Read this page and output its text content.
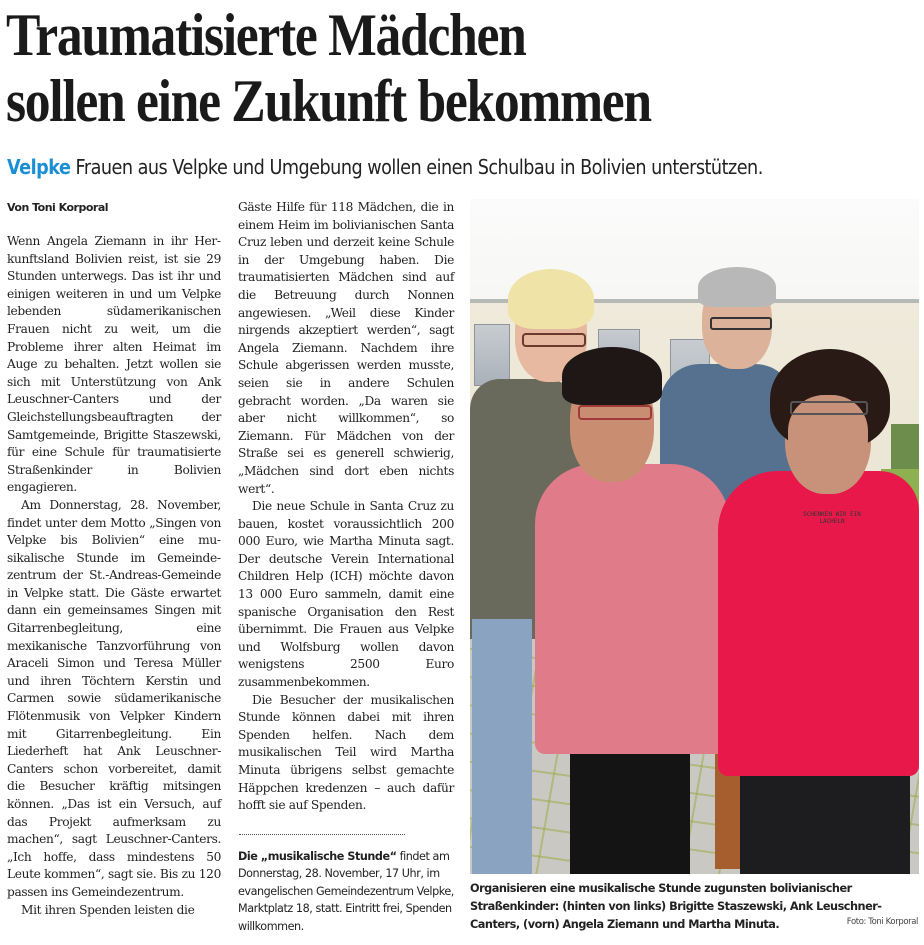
Traumatisierte Mädchen
sollen eine Zukunft bekommen
Velpke Frauen aus Velpke und Umgebung wollen einen Schulbau in Bolivien unterstützen.
Von Toni Korporal

Wenn Angela Ziemann in ihr Herkunftsland Bolivien reist, ist sie 29 Stunden unterwegs. Das ist ihr und einigen weiteren in und um Velpke lebenden südamerikanischen Frauen nicht zu weit, um die Probleme ihrer alten Heimat im Auge zu behalten. Jetzt wollen sie sich mit Unterstützung von Ank Leuschner-Canters und der Gleichstellungsbeauftragten der Samtgemeinde, Brigitte Staszewski, für eine Schule für traumatisierte Straßenkinder in Bolivien engagieren.

Am Donnerstag, 28. November, findet unter dem Motto „Singen von Velpke bis Bolivien“ eine musikalische Stunde im Gemeindezentrum der St.-Andreas-Gemeinde in Velpke statt. Die Gäste erwartet dann ein gemeinsames Singen mit Gitarrenbegleitung, eine mexikanische Tanzvorführung von Araceli Simon und Teresa Müller und ihren Töchtern Kerstin und Carmen sowie südamerikanische Flötenmusik von Velpker Kindern mit Gitarrenbegleitung. Ein Liederheft hat Ank Leuschner-Canters schon vorbereitet, damit die Besucher kräftig mitsingen können. „Das ist ein Versuch, auf das Projekt aufmerksam zu machen“, sagt Leuschner-Canters. „Ich hoffe, dass mindestens 50 Leute kommen“, sagt sie. Bis zu 120 passen ins Gemeindezentrum.

Mit ihren Spenden leisten die

Gäste Hilfe für 118 Mädchen, die in einem Heim im bolivianischen Santa Cruz leben und derzeit keine Schule in der Umgebung haben. Die traumatisierten Mädchen sind auf die Betreuung durch Nonnen angewiesen. „Weil diese Kinder nirgends akzeptiert werden“, sagt Angela Ziemann. Nachdem ihre Schule abgerissen werden musste, seien sie in andere Schulen gebracht worden. „Da waren sie aber nicht willkommen“, so Ziemann. Für Mädchen von der Straße sei es generell schwierig, „Mädchen sind dort eben nichts wert“.

Die neue Schule in Santa Cruz zu bauen, kostet voraussichtlich 200 000 Euro, wie Martha Minuta sagt. Der deutsche Verein International Children Help (ICH) möchte davon 13 000 Euro sammeln, damit eine spanische Organisation den Rest übernimmt. Die Frauen aus Velpke und Wolfsburg wollen davon wenigstens 2500 Euro zusammenbekommen.

Die Besucher der musikalischen Stunde können dabei mit ihren Spenden helfen. Nach dem musikalischen Teil wird Martha Minuta übrigens selbst gemachte Häppchen kredenzen – auch dafür hofft sie auf Spenden.

Die „musikalische Stunde“ findet am Donnerstag, 28. November, 17 Uhr, im evangelischen Gemeindezentrum Velpke, Marktplatz 18, statt. Eintritt frei, Spenden willkommen.
SCHENKEN WIR EIN LACHELN
Organisieren eine musikalische Stunde zugunsten bolivianischer Straßenkinder: (hinten von links) Brigitte Staszewski, Ank Leuschner-Canters, (vorn) Angela Ziemann und Martha Minuta.	Foto: Toni Korporal
